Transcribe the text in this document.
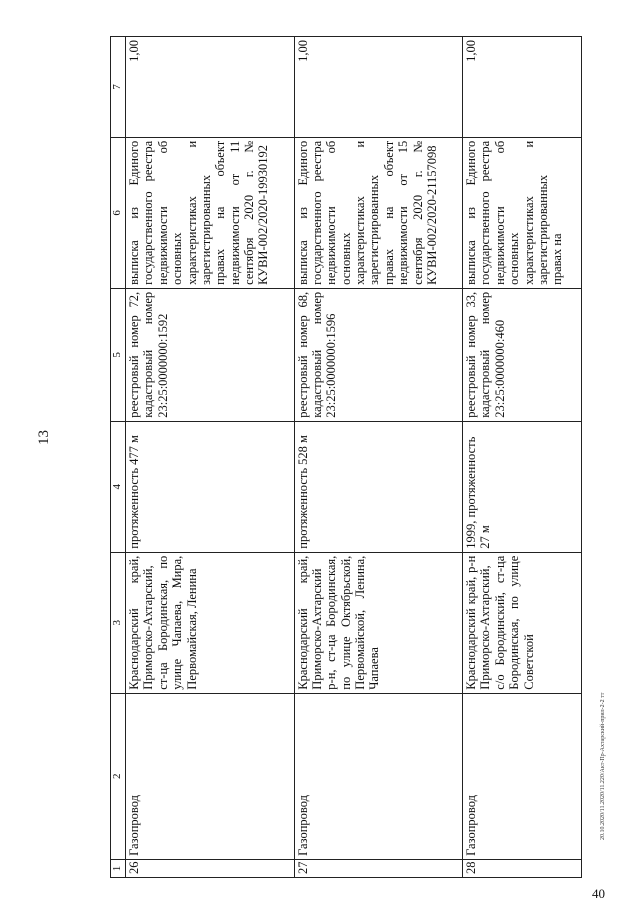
13
20.10.2020/11.2020/11.220/Акт-Пр-Ахтарский-прил-2-2 тт
40
1	2	3	4	5	6	7
26	Газопровод	Краснодарский край, Приморско-Ахтарский, ст-ца Бородинская, по улице Чапаева, Мира, Первомайская, Ленина	протяженность 477 м	реестровый номер 72, кадастровый номер 23:25:0000000:1592	выписка из Единого государственного реестра недвижимости об основных характеристиках и зарегистрированных правах на объект недвижимости от 11 сентября 2020 г. № КУВИ-002/2020-19930192	1,00
27	Газопровод	Краснодарский край, Приморско-Ахтарский р-н, ст-ца Бородинская, по улице Октябрьской, Первомайской, Ленина, Чапаева	протяженность 528 м	реестровый номер 68, кадастровый номер 23:25:0000000:1596	выписка из Единого государственного реестра недвижимости об основных характеристиках и зарегистрированных правах на объект недвижимости от 15 сентября 2020 г. № КУВИ-002/2020-21157098	1,00
28	Газопровод	Краснодарский край, р-н Приморско-Ахтарский, с/о Бородинский, ст-ца Бородинская, по улице Советской	1999, протяженность 27 м	реестровый номер 33, кадастровый номер 23:25:0000000:460	выписка из Единого государственного реестра недвижимости об основных характеристиках и зарегистрированных правах на	1,00
